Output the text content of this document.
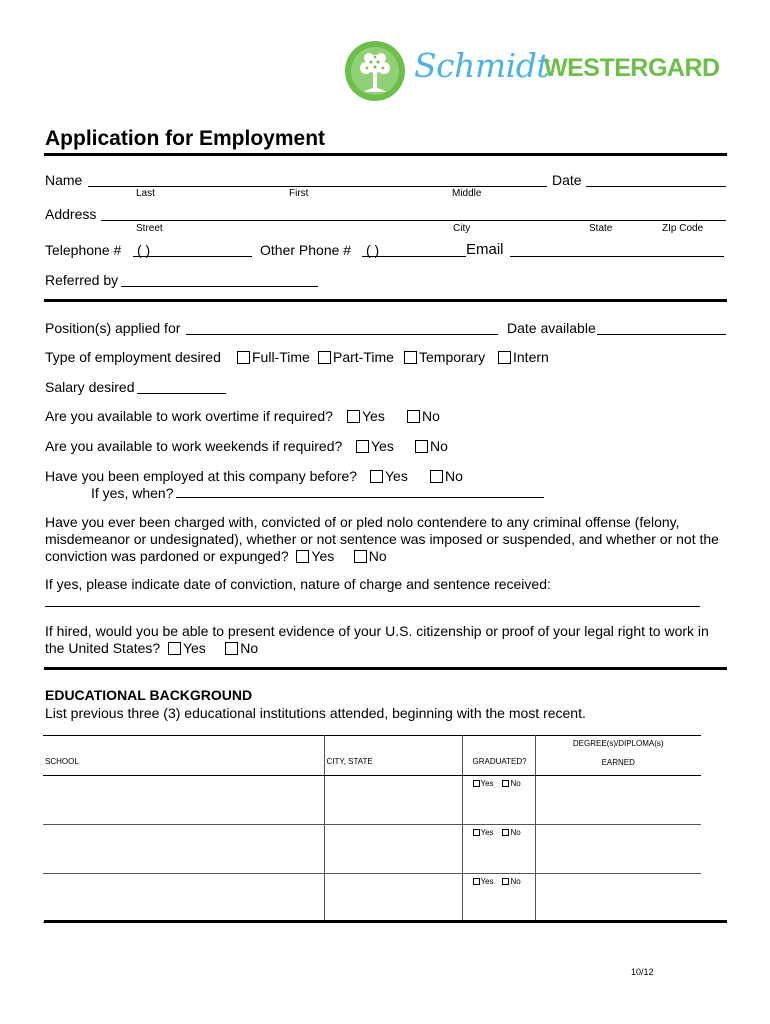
Schmidt
WESTERGARD
Application for Employment
Name
Last	First	Middle
Date
Address
Street	City	State	ZIp Code
Telephone # ( )	Other Phone # ( )	Email
Referred by
Position(s) applied for	Date available
Type of employment desired	Full-Time	Part-Time	Temporary	Intern
Salary desired
Are you available to work overtime if required?	Yes	No
Are you available to work weekends if required?	Yes	No
Have you been employed at this company before?	Yes	No
If yes, when?
Have you ever been charged with, convicted of or pled nolo contendere to any criminal offense (felony, misdemeanor or undesignated), whether or not sentence was imposed or suspended, and whether or not the conviction was pardoned or expunged? Yes No
If yes, please indicate date of conviction, nature of charge and sentence received:
If hired, would you be able to present evidence of your U.S. citizenship or proof of your legal right to work in the United States? Yes No
EDUCATIONAL BACKGROUND
List previous three (3) educational institutions attended, beginning with the most recent.
SCHOOL	CITY, STATE	GRADUATED?	DEGREE(s)/DIPLOMA(s)
EARNED

		Yes No	

		Yes No	

		Yes No	

10/12
